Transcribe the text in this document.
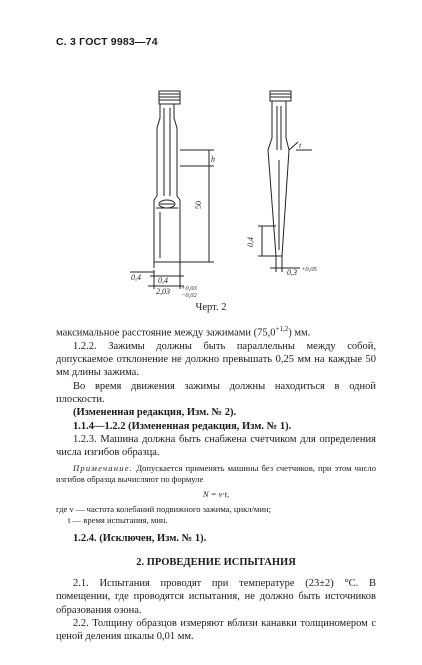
С. 3 ГОСТ 9983—74
h
50
0,4 0,4
2,03 +0,03
−0,02
t
0,4
0,3 +0,05
Черт. 2

максимальное расстояние между зажимами $(75,0^{+1,2})$ мм.

1.2.2. Зажимы должны быть параллельны между собой, допускаемое отклонение не должно превышать 0,25 мм на каждые 50 мм длины зажима.

Во время движения зажимы должны находиться в одной плоскости.

(Измененная редакция, Изм. № 2).

1.1.4—1.2.2 (Измененная редакция, Изм. № 1).

1.2.3. Машина должна быть снабжена счетчиком для определения числа изгибов образца.

Примечание. Допускается применять машины без счетчиков, при этом число изгибов образца вычисляют по формуле

N = v·t,

где v — частота колебаний подвижного зажима, цикл/мин;

t — время испытания, мин.

1.2.4. (Исключен, Изм. № 1).

2. ПРОВЕДЕНИЕ ИСПЫТАНИЯ

2.1. Испытания проводят при температуре (23±2) °С. В помещении, где проводятся испытания, не должно быть источников образования озона.

2.2. Толщину образцов измеряют вблизи канавки толщиномером с ценой деления шкалы 0,01 мм.
